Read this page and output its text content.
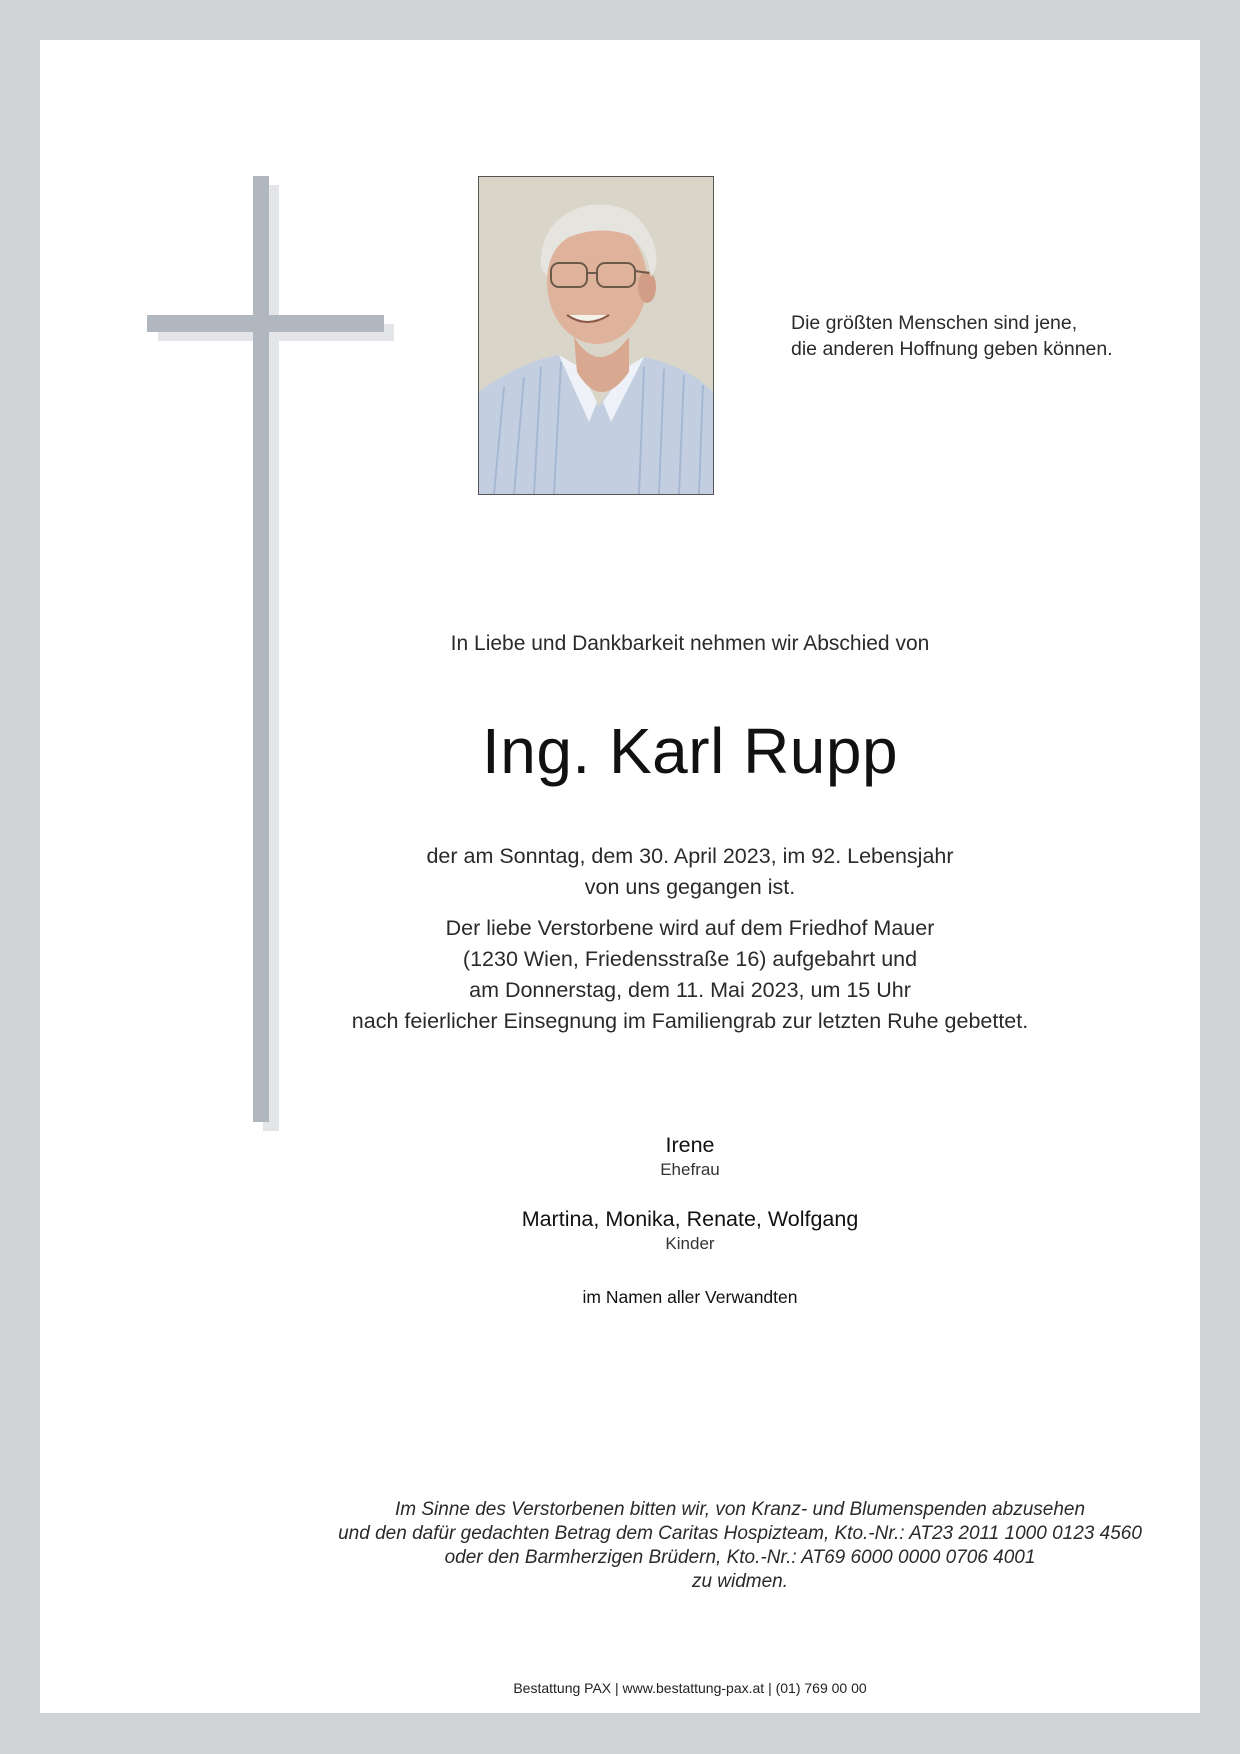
Die größten Menschen sind jene,
die anderen Hoffnung geben können.
In Liebe und Dankbarkeit nehmen wir Abschied von
Ing. Karl Rupp
der am Sonntag, dem 30. April 2023, im 92. Lebensjahr
von uns gegangen ist.
Der liebe Verstorbene wird auf dem Friedhof Mauer
(1230 Wien, Friedensstraße 16) aufgebahrt und
am Donnerstag, dem 11. Mai 2023, um 15 Uhr
nach feierlicher Einsegnung im Familiengrab zur letzten Ruhe gebettet.
Irene
Ehefrau
Martina, Monika, Renate, Wolfgang
Kinder
im Namen aller Verwandten
Im Sinne des Verstorbenen bitten wir, von Kranz- und Blumenspenden abzusehen
und den dafür gedachten Betrag dem Caritas Hospizteam, Kto.-Nr.: AT23 2011 1000 0123 4560
oder den Barmherzigen Brüdern, Kto.-Nr.: AT69 6000 0000 0706 4001
zu widmen.
Bestattung PAX | www.bestattung-pax.at | (01) 769 00 00
